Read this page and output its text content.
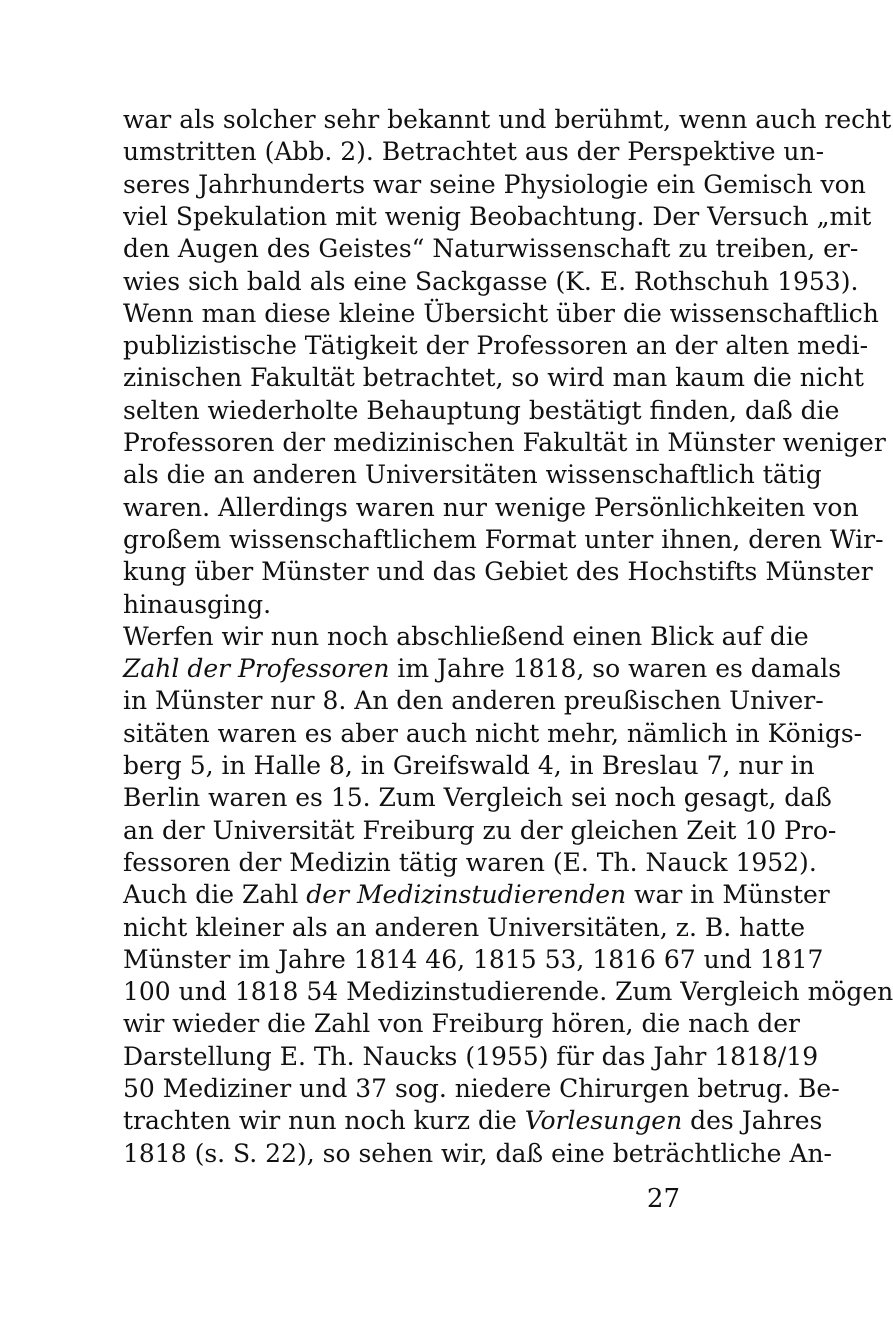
war als solcher sehr bekannt und berühmt, wenn auch recht
umstritten (Abb. 2). Betrachtet aus der Perspektive un-
seres Jahrhunderts war seine Physiologie ein Gemisch von
viel Spekulation mit wenig Beobachtung. Der Versuch „mit
den Augen des Geistes“ Naturwissenschaft zu treiben, er-
wies sich bald als eine Sackgasse (K. E. Rothschuh 1953).
Wenn man diese kleine Übersicht über die wissenschaftlich
publizistische Tätigkeit der Professoren an der alten medi-
zinischen Fakultät betrachtet, so wird man kaum die nicht
selten wiederholte Behauptung bestätigt finden, daß die
Professoren der medizinischen Fakultät in Münster weniger
als die an anderen Universitäten wissenschaftlich tätig
waren. Allerdings waren nur wenige Persönlichkeiten von
großem wissenschaftlichem Format unter ihnen, deren Wir-
kung über Münster und das Gebiet des Hochstifts Münster
hinausging.
Werfen wir nun noch abschließend einen Blick auf die
Zahl der Professoren im Jahre 1818, so waren es damals
in Münster nur 8. An den anderen preußischen Univer-
sitäten waren es aber auch nicht mehr, nämlich in Königs-
berg 5, in Halle 8, in Greifswald 4, in Breslau 7, nur in
Berlin waren es 15. Zum Vergleich sei noch gesagt, daß
an der Universität Freiburg zu der gleichen Zeit 10 Pro-
fessoren der Medizin tätig waren (E. Th. Nauck 1952).
Auch die Zahl der Medizinstudierenden war in Münster
nicht kleiner als an anderen Universitäten, z. B. hatte
Münster im Jahre 1814 46, 1815 53, 1816 67 und 1817
100 und 1818 54 Medizinstudierende. Zum Vergleich mögen
wir wieder die Zahl von Freiburg hören, die nach der
Darstellung E. Th. Naucks (1955) für das Jahr 1818/19
50 Mediziner und 37 sog. niedere Chirurgen betrug. Be-
trachten wir nun noch kurz die Vorlesungen des Jahres
1818 (s. S. 22), so sehen wir, daß eine beträchtliche An-
27
